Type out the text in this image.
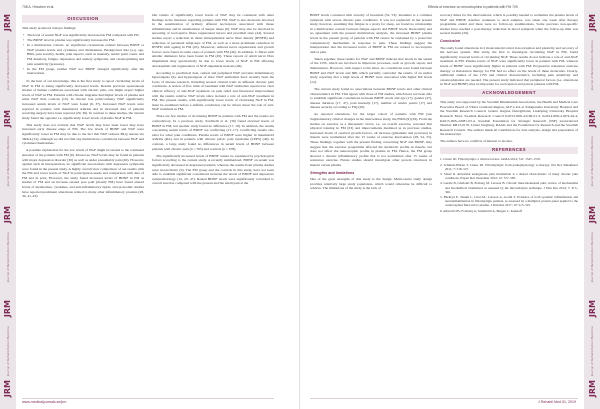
JRM
Journal of Rehabilitation Medicine
JRM
Journal of Rehabilitation Medicine
JRM
Journal of Rehabilitation Medicine
JRM
Journal of Rehabilitation Medicine
JRM
708 A. Hirschen et al.
DISCUSSION

This study produced 4 major findings:

• The level of serum NGF was significantly decreased in FM compared with HC.
• The BDNF level in plasma was significantly increased in FM.
• In a multivariate context, no significant correlations existed between BDNF or NGF plasma levels and cytokines and chemokines. Background data (e.g. age, BMI, pain severity, health, pain aspects, such as intensity, tender point count, and FM duration), fatigue, depression and anxiety symptoms, and catastrophizing and pain sensitivity (pressure).
• In the FM group, neither NGF nor BDNF changed significantly after the intervention.

To the best of our knowledge, this is the first study to report circulating levels of NGF in FM as being significantly decreased levels. Results previous spontaneous studies of human conditions associated with chronic pain, one might expect higher levels of NGF in FM. Patients with chronic migraine had higher levels of plasma and urine NGF than controls (19). In chronic late pelvic/urinary NGF significantly increased serum levels of NGF were found (9, 37). Increased NGF levels were reported in patients with rheumatoid arthritis and in increased data of patients receiving surgery have been reported (29, 36). In contrast to these studies, the current study found the opposite i.e. significantly lower levels of plasma NGF in FM.

This study does not exclude that NGF levels may have been lower may have increased early disease stage of FM. The low levels of BDNF and NGF were significantly lower in FM may be due to the fact that NGF reduces BLQ release via TRKA (31), although we did not find any multivariate correlations between NGF and cytokines/chemokines.

A possible explanation for the low levels of NGF might be related to the continued situation of the patients with FM (9). Moreover, NGF levels may be found in patients with major depression disorder (36) as well as under presumably pain (40). However, against such an interpretation, no significant associations with depressive symptoms were found in the present study. A highly overall view comparison of our results with the FM and lower levels of NGF in participation needs and comparison with data of FM and in prior. However, the study found increased levels of BDNF in FM as studies of FM and an increase related post pain (mostly FM) have found altered levels of metabolites, cytokines, and anti-inflammatory lipids, and proteomic studies have reported prominent alterations related to many other inflammatory proteins (28, 30, 41–43).

Our results of significantly lower levels of NGF may be consistent with other findings in the literature regarding patients with FM. NGF is also molecule involved in the sensitization of primary afferent nociceptors associated with tissue inflammation and in sensitization of deeper tissue (6). NGF may also be involved in sprouting of nociceptive fibers regenerated nerves and proximal sites (44). Several studies report a reduction in distal intraepidermal nerve fiber density (IENFD) and reduction of persistent subgroups of FM, as well as a more prominent reduction in IENFD with ageing in FM (45). Moreover, reduced nerve regeneration and growth factors were found in some cases of patients with FM (46). In addition, C-fibres with smaller diameters have been found in FM (45). These reports of small nerve fibre impairment may speculatively be due to lower levels of NGF in FM affecting development and regeneration of NGF-dependent neurons (46).

According to preclinical data, central and peripheral NGF prevents inflammatory hyperalgesia (6), and hyperalgesia of mice NGF antibodies have recently been the focus of intense research, including several clinical trials in different chronic pain conditions. A review of five trials of treatment with NGF antibodies reported no clear clinical efficacy of anti-NGF treatment on pain relief and functional improvement with the results relative NGF levels since isolated a role of anti-NGF treatment in FM. The present results, with significantly lower levels of circulating NGF in FM, must be examined before a definite conclusion can be drawn about the role of anti-NGF treatment in FM.

There are few studies of circulating BDNF in patients with FM and the results are contradictory. In a previous study, Sarchielli et al. (39) found elevated levels of BDNF in FM, but another study found no difference (17, 18). In addition, the results concerning serum levels of BDNF are conflicting (15–17). Conflicting results also exist for other pain conditions. Plasma levels of BDNF were higher in rheumatoid arthritis (RA) and in patients with chronic pelvic pain syndrome (CPPS) (49). In contrast, a large study found no differences in serum levels of BDNF between patients with chronic pain (n = 765) and controls (n = 678).

The significantly increased levels of BDNF cannot be explained by psychological factors according to the current study. A recently summarized, BDNF on serum was significantly decreased in depressed patients, whereas the results from plasma studies were inconclusive (9). The FM group and the controls in this study, have not been able to establish significant correlations between the levels of BDNF and depressive symptomatology (12, 20, 47). Raised BDNF levels were significantly correlated to overall exercise compared with the present and the small pain at the

www.medicaljournals.se/jrm
JRM
Journal of Rehabilitation Medicine
JRM
Journal of Rehabilitation Medicine
JRM
Journal of Rehabilitation Medicine
JRM
Journal of Rehabilitation Medicine
JRM
Effects of exercise on neurotrophins in patients with FM 709

BDNF levels correlated with severity of insomnia (52, 53). Insomnia is a common symptom with severe chronic pain conditions. It was not registered in the present study, however, assuming that fatigue is a proxy for sleep, we found no relationship in a multivariate context between fatigue aspects and BDNF levels. Reasonably and no agreement with the present multivariate analysis, the increased BDNF plasma levels in the present group of patients with FM cannot be explained by a protective compensatory mechanism, in response to pain. These findings suggest the interpretation that the increased levels of BDNF in FM are related to nociceptive and/or pain.

Taken together, these results for NGF and BDNF indicate that levels in the serum of the CNS, which are involved in important processes, such as growth, repair, and maintenance. However, with respect to the latter, no correlations were found between BDNF and NGF levels and IRP, which partially contradict the results of an earlier study reporting that a high levels of BDNF were associated with higher RP levels (12).

The current study found no associations between BDNF levels and other clinical characteristics in FM. This agrees with those of FM studies, which have not been able to establish significant correlations between BDNF levels and age (17), gender (47), disease duration (17, 47), pain intensity (17), number of tender points (17) and disease severity according to FIQ (20).

As reported elsewhere, for the larger cohort of patients with FM (see Supplementary clinical changes in the intervention study, the FIMb (9) (63). From the studies on exercise as a therapeutic factor, i.e. on overall exercise, revealed that physical training in FM (63) and improvements mediated as in previous studies, increased levels of cerebral growth-factors, all increase (glutamate and pyruvate) in muscle were normalized after the 15 weeks of exercise intervention (28, 54, 55). These findings, together with the present finding concerning NGF and BDNF, may suggest that the exercise programme affected the metabolic profile in muscle, but does not affect the neurotrophic profile in plasma in FM. Hence, the FM group showed a chronic inflammatory profile that is not normalized after 15 weeks of resistance exercise. Future studies should investigate other protein structures in muscle versus plasma.

Strengths and limitations

One of the great strengths of this study is the design. Multi-centre study design provides relatively large study population, which would otherwise be difficult to achieve. The limitations of the study is the lack of

recovery times for the interventions, which is possibly needed to normalize the plasma levels of NGF and BDNF. Another weakness to such samples, was taken one week after therapy programme ended and there were no follow-up examinations. Some previous non-specific studies have reached a post-therapy reduction in mood symptom when the follow-up time was several months (56).

Conclusion

The study found alterations in 2 molecules involved in nociception and plasticity and recovery of the nervous system. This study, the first to investigate circulating NGF in FM, found significantly lowered levels of circulating NGF. These results do not indicate a role of anti-NGF treatment in FM. Plasma levels of NGF were significantly lower in patients with FM, whereas levels of BDNF were significantly higher in patients with FM. Progressive resistance exercise therapy or Relaxation therapy for FM had no effect on the levels of these molecules. Clearly, additional studies of the CNS and clinical characteristics, including pain sensitivity and catastrophization are needed. The present study indicated that peripheral factors (i.e. alterations in NGF and BDNF) may be important for nociception and pain in patients with FM.

ACKNOWLEDGEMENT

This study was supported by the Swedish Rheumatism Association, the Health and Medical Care Executive Board of Västra Götaland Region, ALF-LUA at Sahlgrenska University Hospital and the Swedish Research Council. Grants: Region Östergötland, Linköping University Hospital Research Fund, Swedish Research Council K2013-99X-22166-01-3, K2014-99X-21874-04-4, K2015-99X-22081-03-4, Swedish Foundation for Strategic Research (SSF) Grant/Award Number RB13-0170, Lisbet Jungberg, RAGK and the Foundation for Research and the Swedish Research Council. The authors thank all contributors for data analysis, design and preparation of the manuscript.

The authors have no conflicts of interest to declare.

REFERENCES
1. Clauw DJ. Fibromyalgia: a clinical review. JAMA 2014; 311: 1547–1555.
2. Schmidt-Wilcke T, Clauw DJ. Fibromyalgia: from pathophysiology to therapy. Nat Rev Rheumatol 2011; 7: 518–527.
3. Staud R. Abnormal endogenous pain modulation is a shared characteristic of many chronic pain conditions. Expert Rev Neurother 2012; 12: 577–585.
4. Gerdle B, Ghafouri B, Ernberg M, Larsson B. Chronic musculoskeletal pain: review of mechanisms and biochemical biomarkers as assessed by the microdialysis technique. J Pain Res 2014; 7: 313–326.
5. Bäckryd E, Tanum L, Lind AL, Larsson A, Gordh T. Evidence of both systemic inflammation and neuroinflammation in fibromyalgia patients, as assessed by a multiplex protein panel applied to the cerebrospinal fluid and to plasma. J Pain Res 2017; 10: 515–525.
6. Albrecht DS, Forsberg A, Sandström A, Bergan C, Kadetoff
J Rehabil Med 51, 2019
